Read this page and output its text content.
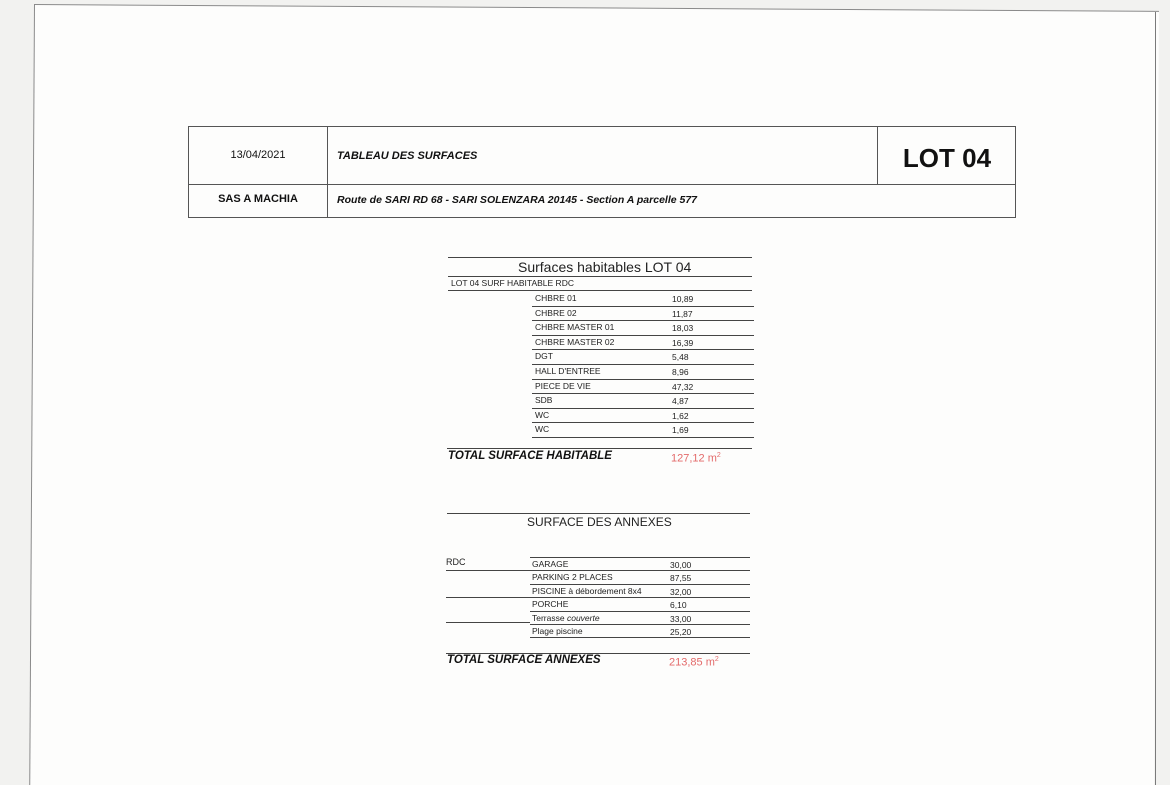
13/04/2021	TABLEAU DES SURFACES	LOT 04
SAS A MACHIA	Route de SARI RD 68 - SARI SOLENZARA 20145 - Section A parcelle 577
Surfaces habitables LOT 04
LOT 04 SURF HABITABLE RDC
CHBRE 01	10,89
CHBRE 02	11,87
CHBRE MASTER 01	18,03
CHBRE MASTER 02	16,39
DGT	5,48
HALL D'ENTREE	8,96
PIECE DE VIE	47,32
SDB	4,87
WC	1,62
WC	1,69
TOTAL SURFACE HABITABLE	127,12 $m^2$
SURFACE DES ANNEXES
RDC	GARAGE	30,00
PARKING 2 PLACES	87,55
PISCINE à débordement 8x4	32,00
PORCHE	6,10
Terrasse couverte	33,00
Plage piscine	25,20
TOTAL SURFACE ANNEXES	213,85 $m^2$
